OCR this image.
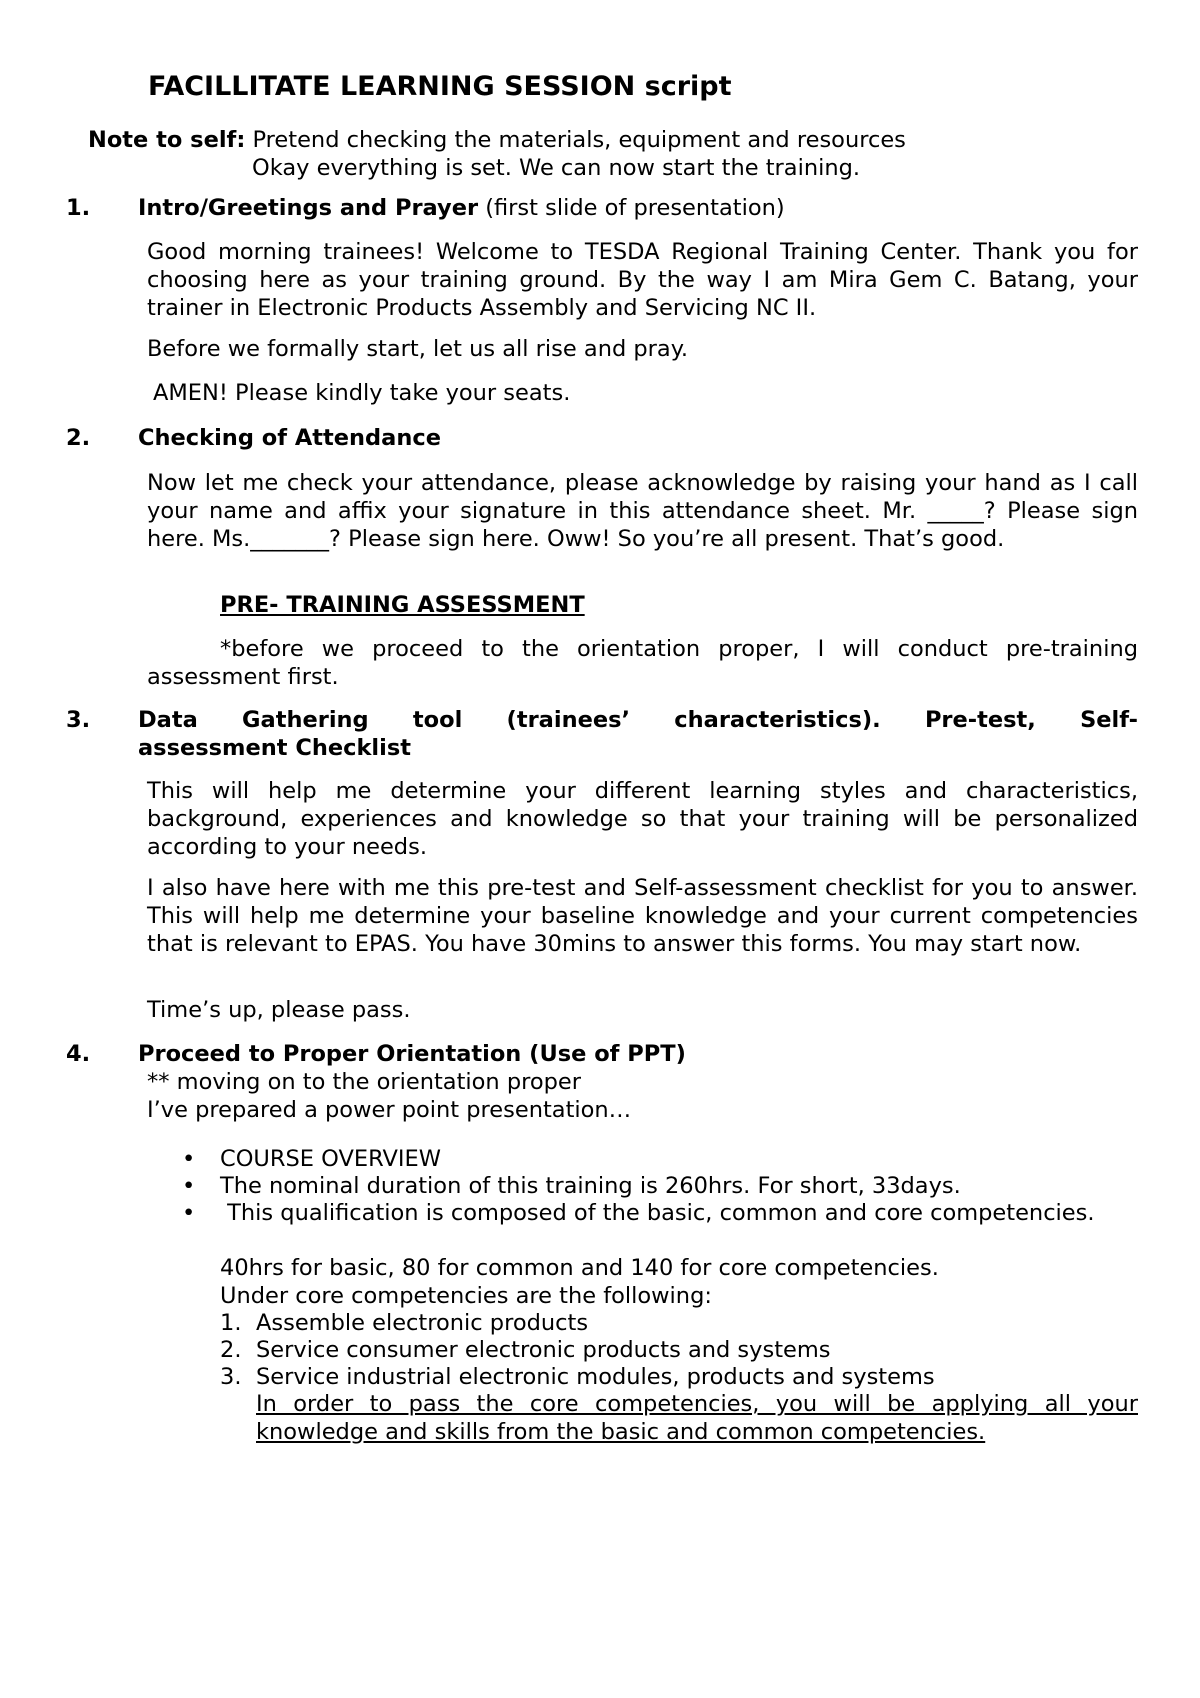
FACILLITATE LEARNING SESSION script
Note to self: Pretend checking the materials, equipment and resources
Okay everything is set. We can now start the training.
1. Intro/Greetings and Prayer (first slide of presentation)
Good morning trainees! Welcome to TESDA Regional Training Center. Thank you for choosing here as your training ground. By the way I am Mira Gem C. Batang, your trainer in Electronic Products Assembly and Servicing NC II.
Before we formally start, let us all rise and pray.
AMEN! Please kindly take your seats.
2. Checking of Attendance
Now let me check your attendance, please acknowledge by raising your hand as I call your name and affix your signature in this attendance sheet. Mr. _____? Please sign here. Ms._______? Please sign here. Oww! So you’re all present. That’s good.
PRE- TRAINING ASSESSMENT
*before we proceed to the orientation proper, I will conduct pre-training assessment first.
3. Data Gathering tool (trainees’ characteristics). Pre-test, Self-
assessment Checklist
This will help me determine your different learning styles and characteristics, background, experiences and knowledge so that your training will be personalized according to your needs.
I also have here with me this pre-test and Self-assessment checklist for you to answer. This will help me determine your baseline knowledge and your current competencies that is relevant to EPAS. You have 30mins to answer this forms. You may start now.
Time’s up, please pass.
4. Proceed to Proper Orientation (Use of PPT)
** moving on to the orientation proper
I’ve prepared a power point presentation…
• COURSE OVERVIEW
• The nominal duration of this training is 260hrs. For short, 33days.
• This qualification is composed of the basic, common and core competencies.
40hrs for basic, 80 for common and 140 for core competencies.
Under core competencies are the following:
1. Assemble electronic products
2. Service consumer electronic products and systems
3. Service industrial electronic modules, products and systems
In order to pass the core competencies, you will be applying all your knowledge and skills from the basic and common competencies.
